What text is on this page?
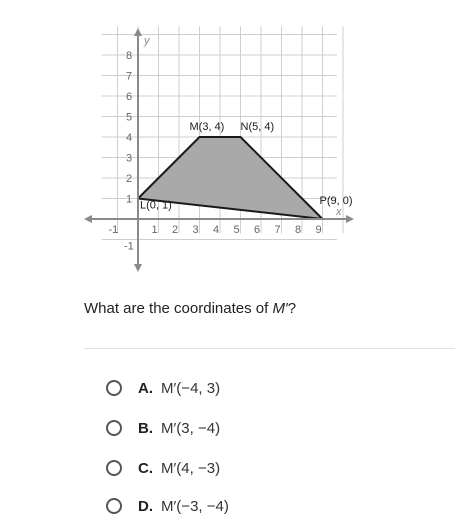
-1	1 2 3 4 5 6 7 8 9
-1
1
2
3
4
5
6
7
8
x
y
L(0, 1)
M(3, 4) N(5, 4)
P(9, 0)
What are the coordinates of M′?
A. M′(−4, 3)
B. M′(3, −4)
C. M′(4, −3)
D. M′(−3, −4)
